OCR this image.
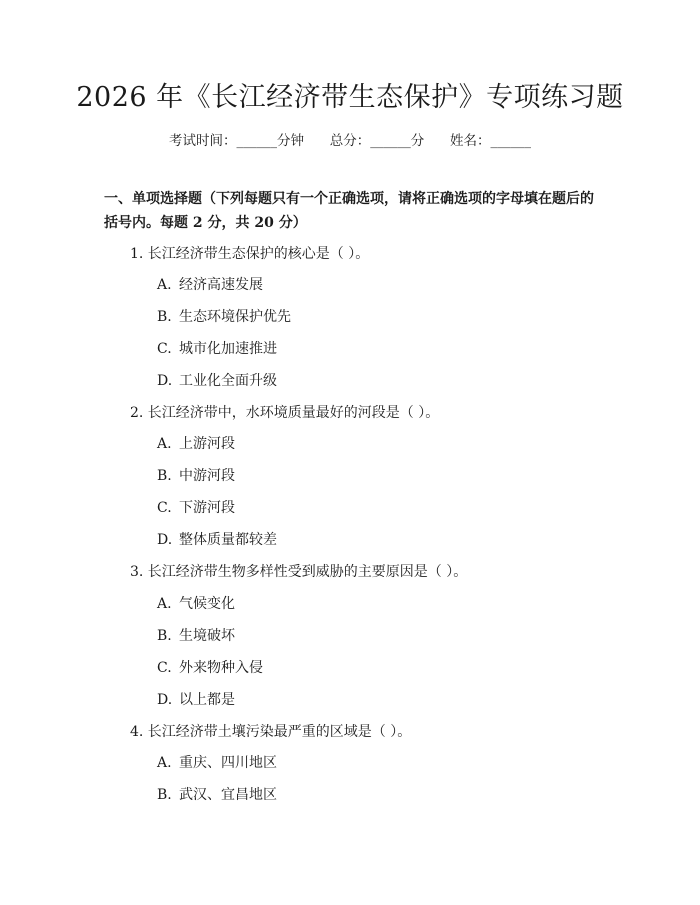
2026 年《长江经济带生态保护》专项练习题
考试时间：______分钟      总分：______分      姓名：______
一、单项选择题（下列每题只有一个正确选项，请将正确选项的字母填在题后的括号内。每题 2 分，共 20 分）
1. 长江经济带生态保护的核心是（ ）。
A. 经济高速发展
B. 生态环境保护优先
C. 城市化加速推进
D. 工业化全面升级
2. 长江经济带中，水环境质量最好的河段是（ ）。
A. 上游河段
B. 中游河段
C. 下游河段
D. 整体质量都较差
3. 长江经济带生物多样性受到威胁的主要原因是（ ）。
A. 气候变化
B. 生境破坏
C. 外来物种入侵
D. 以上都是
4. 长江经济带土壤污染最严重的区域是（ ）。
A. 重庆、四川地区
B. 武汉、宜昌地区
